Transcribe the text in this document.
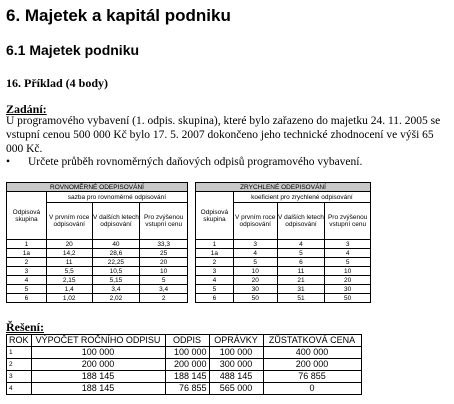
6. Majetek a kapitál podniku
6.1 Majetek podniku
16. Příklad (4 body)
Zadání:
U programového vybavení (1. odpis. skupina), které bylo zařazeno do majetku 24. 11. 2005 se vstupní cenou 500 000 Kč bylo 17. 5. 2007 dokončeno jeho technické zhodnocení ve výši 65 000 Kč.
• Určete průběh rovnoměrných daňových odpisů programového vybavení.
ROVNOMĚRNÉ ODEPISOVÁNÍ			
Odpisová skupina	sazba pro rovnoměrné odpisování		
	V prvním roce odpisování	V dalších letech odpisování	Pro zvýšenou vstupní cenu
1	20	40	33,3
1a	14,2	28,6	25
2	11	22,25	20
3	5,5	10,5	10
4	2,15	5,15	5
5	1,4	3,4	3,4
6	1,02	2,02	2
ZRYCHLENÉ ODEPISOVÁNÍ			
Odpisová skupina	koeficient pro zrychlené odpisování		
	V prvním roce odpisování	V dalších letech odpisování	Pro zvýšenou vstupní cenu
1	3	4	3
1a	4	5	4
2	5	6	5
3	10	11	10
4	20	21	20
5	30	31	30
6	50	51	50
Řešení:
ROK	VÝPOČET ROČNÍHO ODPISU	ODPIS	OPRÁVKY	ZŮSTATKOVÁ CENA
1	100 000	100 000	100 000	400 000
2	200 000	200 000	300 000	200 000
3	188 145	188 145	488 145	76 855
4	188 145	76 855	565 000	0
